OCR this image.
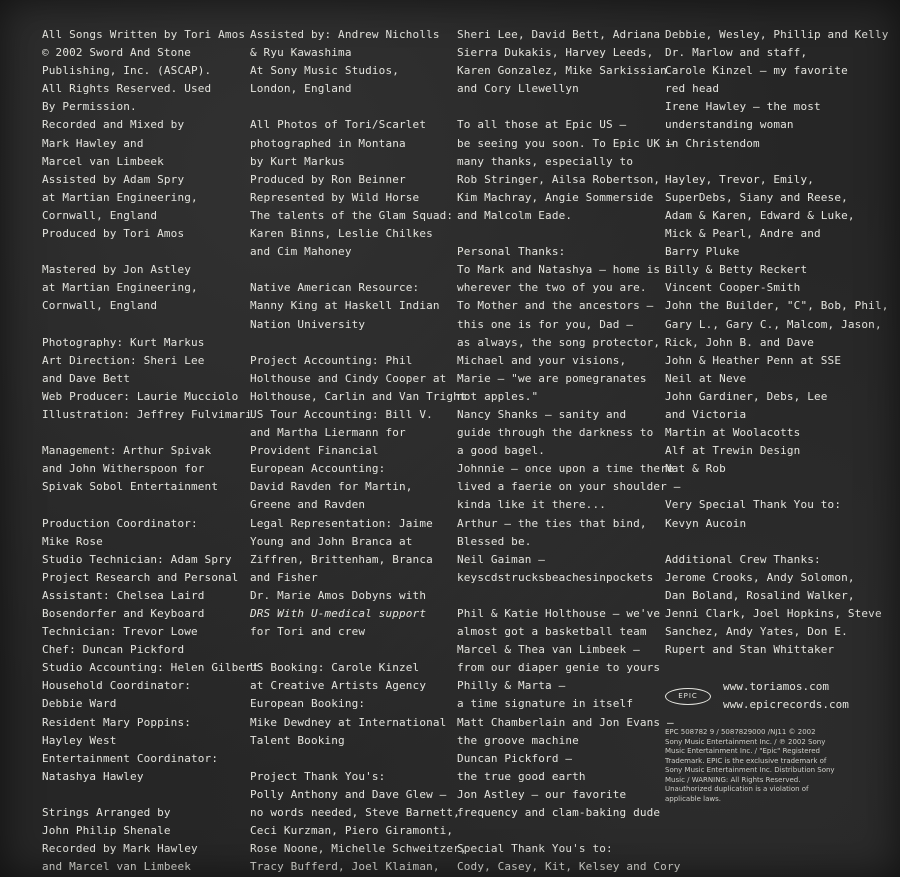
All Songs Written by Tori Amos
© 2002 Sword And Stone
Publishing, Inc. (ASCAP).
All Rights Reserved. Used
By Permission.
Recorded and Mixed by
Mark Hawley and
Marcel van Limbeek
Assisted by Adam Spry
at Martian Engineering,
Cornwall, England
Produced by Tori Amos
Mastered by Jon Astley
at Martian Engineering,
Cornwall, England
Photography: Kurt Markus
Art Direction: Sheri Lee
and Dave Bett
Web Producer: Laurie Mucciolo
Illustration: Jeffrey Fulvimari
Management: Arthur Spivak
and John Witherspoon for
Spivak Sobol Entertainment
Production Coordinator:
Mike Rose
Studio Technician: Adam Spry
Project Research and Personal
Assistant: Chelsea Laird
Bosendorfer and Keyboard
Technician: Trevor Lowe
Chef: Duncan Pickford
Studio Accounting: Helen Gilbert
Household Coordinator:
Debbie Ward
Resident Mary Poppins:
Hayley West
Entertainment Coordinator:
Natashya Hawley
Strings Arranged by
John Philip Shenale
Recorded by Mark Hawley
and Marcel van Limbeek
Assisted by: Andrew Nicholls
& Ryu Kawashima
At Sony Music Studios,
London, England
All Photos of Tori/Scarlet
photographed in Montana
by Kurt Markus
Produced by Ron Beinner
Represented by Wild Horse
The talents of the Glam Squad:
Karen Binns, Leslie Chilkes
and Cim Mahoney
Native American Resource:
Manny King at Haskell Indian
Nation University
Project Accounting: Phil
Holthouse and Cindy Cooper at
Holthouse, Carlin and Van Tright
US Tour Accounting: Bill V.
and Martha Liermann for
Provident Financial
European Accounting:
David Ravden for Martin,
Greene and Ravden
Legal Representation: Jaime
Young and John Branca at
Ziffren, Brittenham, Branca
and Fisher
Dr. Marie Amos Dobyns with
DRS With U-medical support
for Tori and crew
US Booking: Carole Kinzel
at Creative Artists Agency
European Booking:
Mike Dewdney at International
Talent Booking
Project Thank You's:
Polly Anthony and Dave Glew –
no words needed, Steve Barnett,
Ceci Kurzman, Piero Giramonti,
Rose Noone, Michelle Schweitzer,
Tracy Bufferd, Joel Klaiman,
Sheri Lee, David Bett, Adriana
Sierra Dukakis, Harvey Leeds,
Karen Gonzalez, Mike Sarkissian
and Cory Llewellyn
To all those at Epic US –
be seeing you soon. To Epic UK –
many thanks, especially to
Rob Stringer, Ailsa Robertson,
Kim Machray, Angie Sommerside
and Malcolm Eade.
Personal Thanks:
To Mark and Natashya – home is
wherever the two of you are.
To Mother and the ancestors –
this one is for you, Dad –
as always, the song protector,
Michael and your visions,
Marie – "we are pomegranates
not apples."
Nancy Shanks – sanity and
guide through the darkness to
a good bagel.
Johnnie – once upon a time there
lived a faerie on your shoulder –
kinda like it there...
Arthur – the ties that bind,
Blessed be.
Neil Gaiman –
keyscdstrucksbeachesinpockets
Phil & Katie Holthouse – we've
almost got a basketball team
Marcel & Thea van Limbeek –
from our diaper genie to yours
Philly & Marta –
a time signature in itself
Matt Chamberlain and Jon Evans –
the groove machine
Duncan Pickford –
the true good earth
Jon Astley – our favorite
frequency and clam-baking dude
Special Thank You's to:
Cody, Casey, Kit, Kelsey and Cory
Debbie, Wesley, Phillip and Kelly
Dr. Marlow and staff,
Carole Kinzel – my favorite
red head
Irene Hawley – the most
understanding woman
in Christendom
Hayley, Trevor, Emily,
SuperDebs, Siany and Reese,
Adam & Karen, Edward & Luke,
Mick & Pearl, Andre and
Barry Pluke
Billy & Betty Reckert
Vincent Cooper-Smith
John the Builder, "C", Bob, Phil,
Gary L., Gary C., Malcom, Jason,
Rick, John B. and Dave
John & Heather Penn at SSE
Neil at Neve
John Gardiner, Debs, Lee
and Victoria
Martin at Woolacotts
Alf at Trewin Design
Nat & Rob
Very Special Thank You to:
Kevyn Aucoin
Additional Crew Thanks:
Jerome Crooks, Andy Solomon,
Dan Boland, Rosalind Walker,
Jenni Clark, Joel Hopkins, Steve
Sanchez, Andy Yates, Don E.
Rupert and Stan Whittaker
EPIC
www.toriamos.com
www.epicrecords.com
EPC 508782 9 / 5087829000 /NJ11 © 2002
Sony Music Entertainment Inc. / ℗ 2002 Sony
Music Entertainment Inc. / "Epic" Registered
Trademark. EPIC is the exclusive trademark of
Sony Music Entertainment Inc. Distribution Sony
Music / WARNING: All Rights Reserved.
Unauthorized duplication is a violation of
applicable laws.
